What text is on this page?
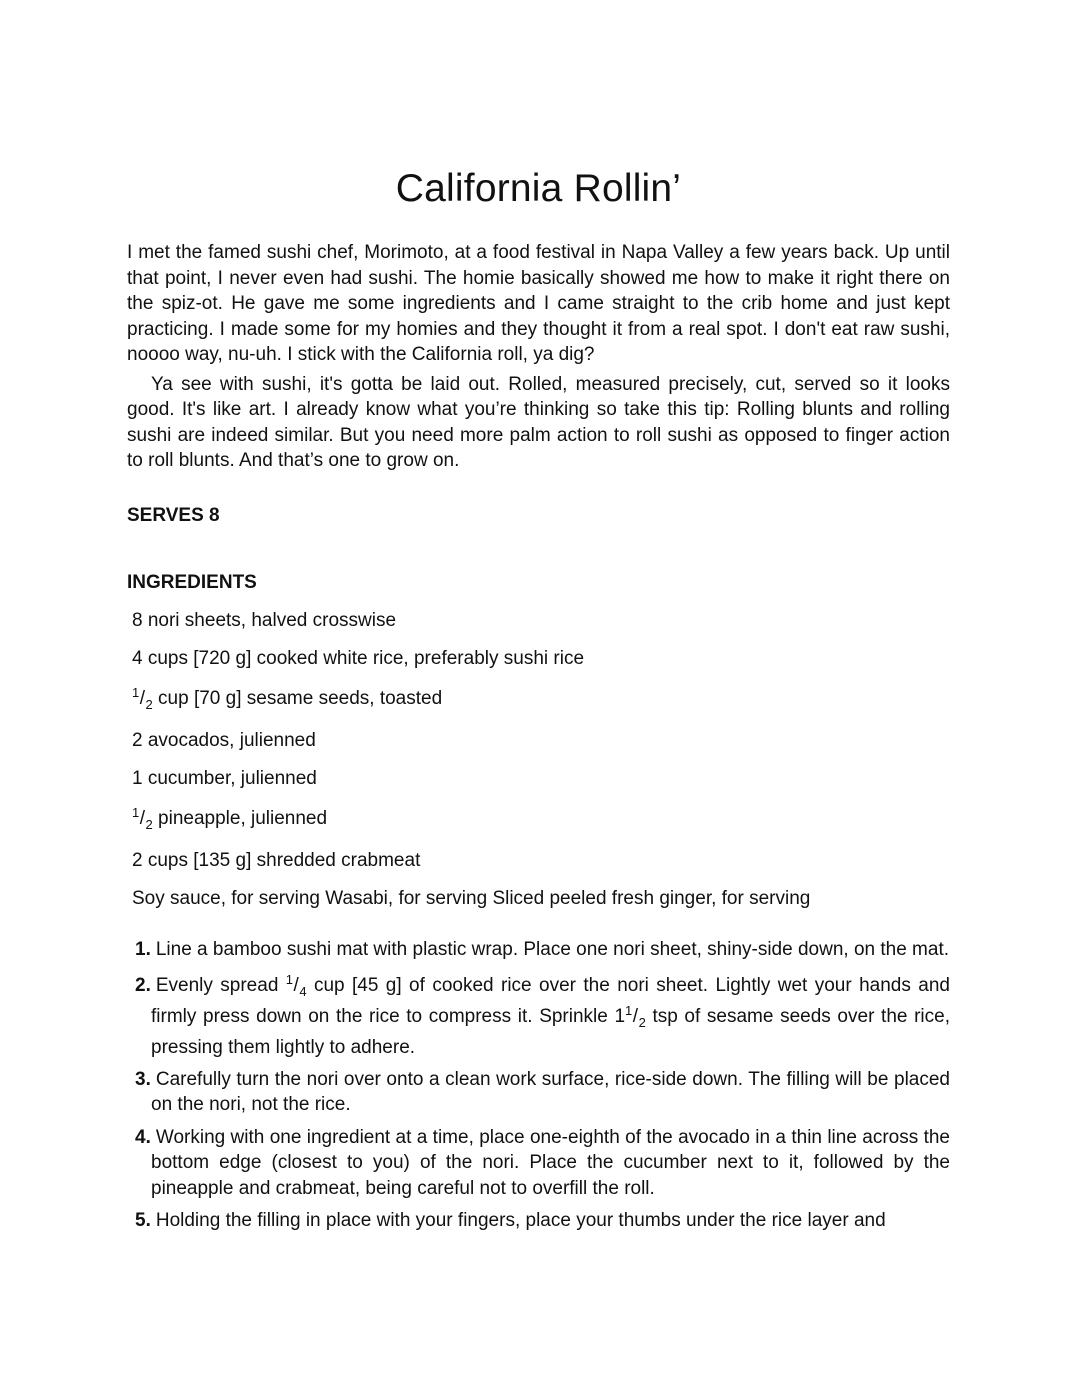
California Rollin’

I met the famed sushi chef, Morimoto, at a food festival in Napa Valley a few years back. Up until that point, I never even had sushi. The homie basically showed me how to make it right there on the spiz-ot. He gave me some ingredients and I came straight to the crib home and just kept practicing. I made some for my homies and they thought it from a real spot. I don't eat raw sushi, noooo way, nu-uh. I stick with the California roll, ya dig?

Ya see with sushi, it's gotta be laid out. Rolled, measured precisely, cut, served so it looks good. It's like art. I already know what you’re thinking so take this tip: Rolling blunts and rolling sushi are indeed similar. But you need more palm action to roll sushi as opposed to finger action to roll blunts. And that’s one to grow on.

SERVES 8
INGREDIENTS
8 nori sheets, halved crosswise
4 cups [720 g] cooked white rice, preferably sushi rice
$^1/_2$ cup [70 g] sesame seeds, toasted
2 avocados, julienned
1 cucumber, julienned
$^1/_2$ pineapple, julienned
2 cups [135 g] shredded crabmeat
Soy sauce, for serving Wasabi, for serving Sliced peeled fresh ginger, for serving
1. Line a bamboo sushi mat with plastic wrap. Place one nori sheet, shiny-side down, on the mat.
2. Evenly spread $^1/_4$ cup [45 g] of cooked rice over the nori sheet. Lightly wet your hands and firmly press down on the rice to compress it. Sprinkle $1^1/_2$ tsp of sesame seeds over the rice, pressing them lightly to adhere.
3. Carefully turn the nori over onto a clean work surface, rice-side down. The filling will be placed on the nori, not the rice.
4. Working with one ingredient at a time, place one-eighth of the avocado in a thin line across the bottom edge (closest to you) of the nori. Place the cucumber next to it, followed by the pineapple and crabmeat, being careful not to overfill the roll.
5. Holding the filling in place with your fingers, place your thumbs under the rice layer and
